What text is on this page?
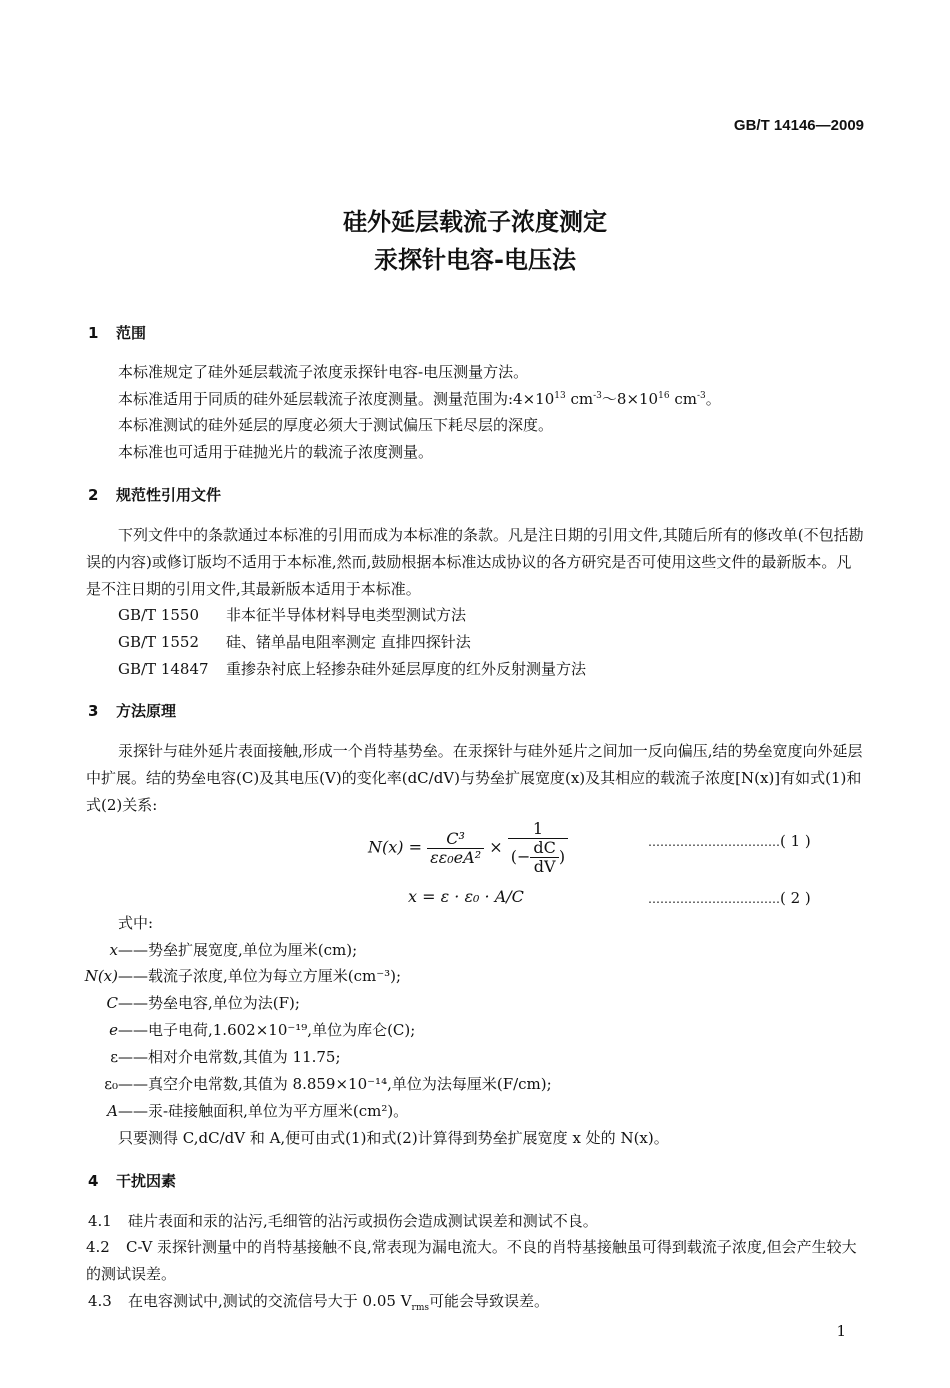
GB/T 14146—2009
硅外延层载流子浓度测定
汞探针电容-电压法
1 范围
本标准规定了硅外延层载流子浓度汞探针电容-电压测量方法。
本标准适用于同质的硅外延层载流子浓度测量。测量范围为$:4\times 10^{13}$ $cm^{-3}\sim 8\times 10^{16}$ $cm^{-3}$。
本标准测试的硅外延层的厚度必须大于测试偏压下耗尽层的深度。
本标准也可适用于硅抛光片的载流子浓度测量。
2 规范性引用文件
下列文件中的条款通过本标准的引用而成为本标准的条款。凡是注日期的引用文件,其随后所有的修改单(不包括勘误的内容)或修订版均不适用于本标准,然而,鼓励根据本标准达成协议的各方研究是否可使用这些文件的最新版本。凡是不注日期的引用文件,其最新版本适用于本标准。
GB/T 1550 非本征半导体材料导电类型测试方法
GB/T 1552 硅、锗单晶电阻率测定 直排四探针法
GB/T 14847 重掺杂衬底上轻掺杂硅外延层厚度的红外反射测量方法
3 方法原理
汞探针与硅外延片表面接触,形成一个肖特基势垒。在汞探针与硅外延片之间加一反向偏压,结的势垒宽度向外延层中扩展。结的势垒电容(C)及其电压(V)的变化率(dC/dV)与势垒扩展宽度(x)及其相应的载流子浓度[N(x)]有如式(1)和式(2)关系:
$N(x) = \frac{\text{C³}}{\text{εε₀eA²}} \times \frac{1}{(- \frac{dC}{dV} )}$	……………………………( 1 )
x = ε · ε₀ · A/C	……………………………( 2 )
式中:
x——势垒扩展宽度,单位为厘米(cm);
N(x)——载流子浓度,单位为每立方厘米(cm⁻³);
C——势垒电容,单位为法(F);
e——电子电荷,1.602×10⁻¹⁹,单位为库仑(C);
ε——相对介电常数,其值为 11.75;
ε₀——真空介电常数,其值为 8.859×10⁻¹⁴,单位为法每厘米(F/cm);
A——汞-硅接触面积,单位为平方厘米(cm²)。
只要测得 C,dC/dV 和 A,便可由式(1)和式(2)计算得到势垒扩展宽度 x 处的 N(x)。
4 干扰因素
4.1 硅片表面和汞的沾污,毛细管的沾污或损伤会造成测试误差和测试不良。
4.2 C-V 汞探针测量中的肖特基接触不良,常表现为漏电流大。不良的肖特基接触虽可得到载流子浓度,但会产生较大的测试误差。
4.3 在电容测试中,测试的交流信号大于 0.05 $V_{rms}$可能会导致误差。
1
